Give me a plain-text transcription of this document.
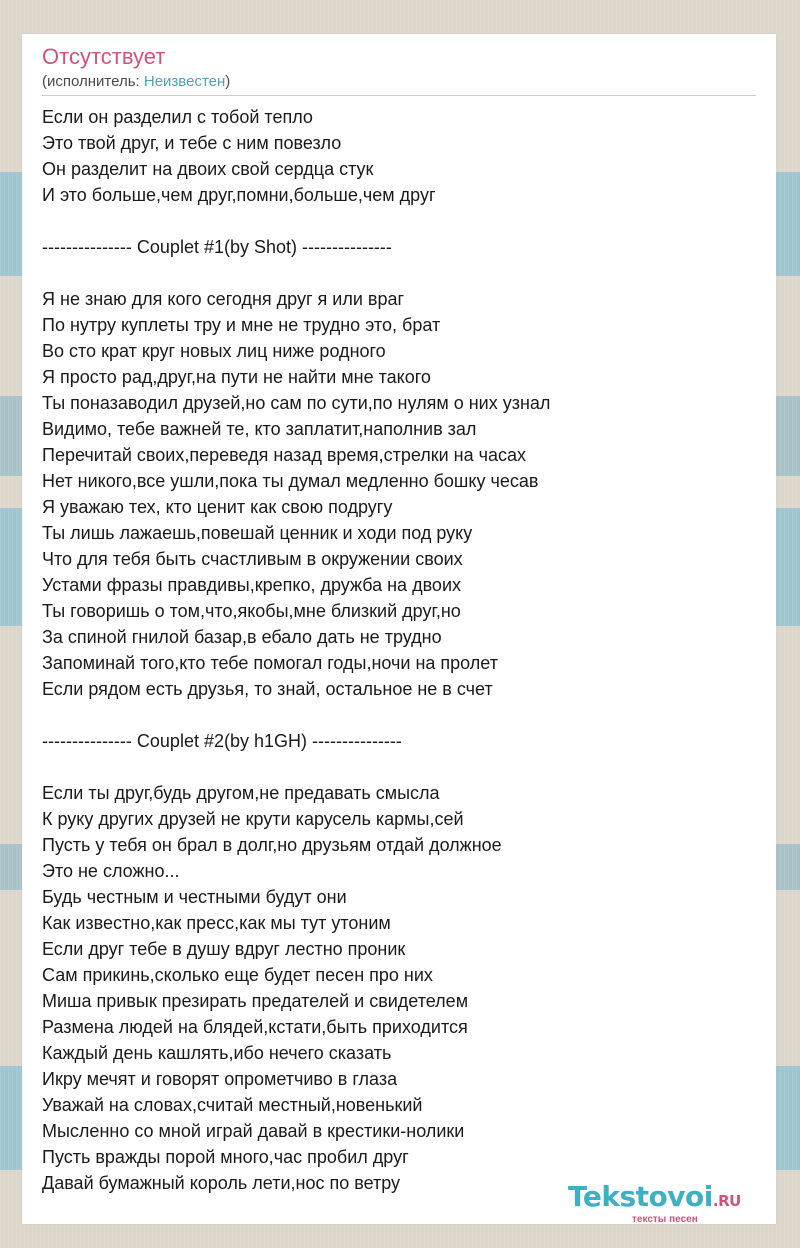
Отсутствует
(исполнитель: Неизвестен)
Если он разделил с тобой тепло
Это твой друг, и тебе с ним повезло
Он разделит на двоих свой сердца стук
И это больше,чем друг,помни,больше,чем друг
--------------- Couplet #1(by Shot) ---------------
Я не знаю для кого сегодня друг я или враг
По нутру куплеты тру и мне не трудно это, брат
Во сто крат круг новых лиц ниже родного
Я просто рад,друг,на пути не найти мне такого
Ты поназаводил друзей,но сам по сути,по нулям о них узнал
Видимо, тебе важней те, кто заплатит,наполнив зал
Перечитай своих,переведя назад время,стрелки на часах
Нет никого,все ушли,пока ты думал медленно бошку чесав
Я уважаю тех, кто ценит как свою подругу
Ты лишь лажаешь,повешай ценник и ходи под руку
Что для тебя быть счастливым в окружении своих
Устами фразы правдивы,крепко, дружба на двоих
Ты говоришь о том,что,якобы,мне близкий друг,но
За спиной гнилой базар,в ебало дать не трудно
Запоминай того,кто тебе помогал годы,ночи на пролет
Если рядом есть друзья, то знай, остальное не в счет
--------------- Couplet #2(by h1GH) ---------------
Если ты друг,будь другом,не предавать смысла
К руку других друзей не крути карусель кармы,сей
Пусть у тебя он брал в долг,но друзьям отдай должное
Это не сложно...
Будь честным и честными будут они
Как известно,как пресс,как мы тут утоним
Если друг тебе в душу вдруг лестно проник
Сам прикинь,сколько еще будет песен про них
Миша привык презирать предателей и свидетелем
Размена людей на блядей,кстати,быть приходится
Каждый день кашлять,ибо нечего сказать
Икру мечят и говорят опрометчиво в глаза
Уважай на словах,считай местный,новенький
Мысленно со мной играй давай в крестики-нолики
Пусть вражды порой много,час пробил друг
Давай бумажный король лети,нос по ветру	Tekstovoi.RU
тексты песен
